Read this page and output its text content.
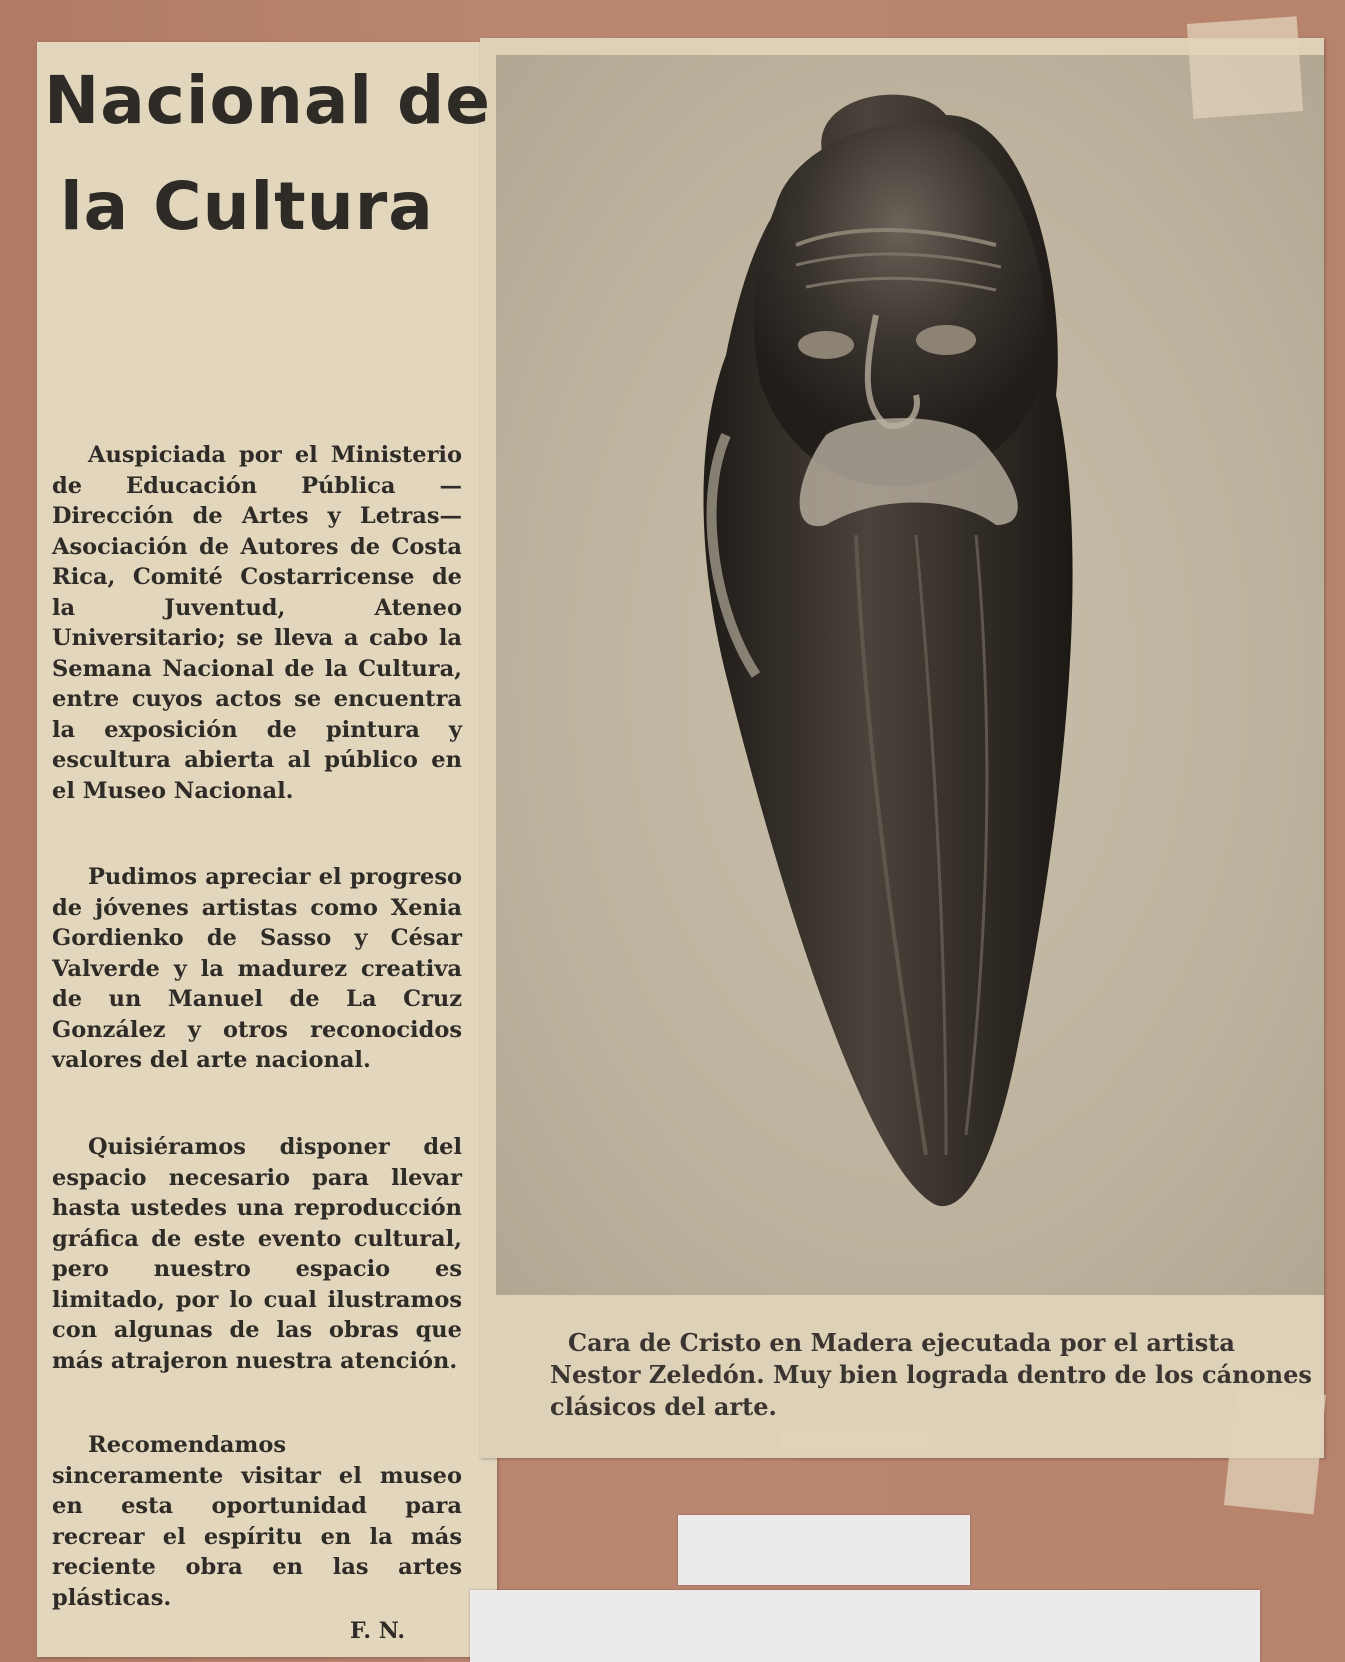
Nacional de
la Cultura
Auspiciada por el Ministerio de Educación Pública —Dirección de Artes y Letras— Asociación de Autores de Costa Rica, Comité Costarricense de la Juventud, Ateneo Universitario; se lleva a cabo la Semana Nacional de la Cultura, entre cuyos actos se encuentra la exposición de pintura y escultura abierta al público en el Museo Nacional.
Pudimos apreciar el progreso de jóvenes artistas como Xenia Gordienko de Sasso y César Valverde y la madurez creativa de un Manuel de La Cruz González y otros reconocidos valores del arte nacional.
Quisiéramos disponer del espacio necesario para llevar hasta ustedes una reproducción gráfica de este evento cultural, pero nuestro espacio es limitado, por lo cual ilustramos con algunas de las obras que más atrajeron nuestra atención.
Recomendamos sinceramente visitar el museo en esta oportunidad para recrear el espíritu en la más reciente obra en las artes plásticas.
F. N.
Cara de Cristo en Madera ejecutada por el artista Nestor Zeledón. Muy bien lograda dentro de los cánones clásicos del arte.
